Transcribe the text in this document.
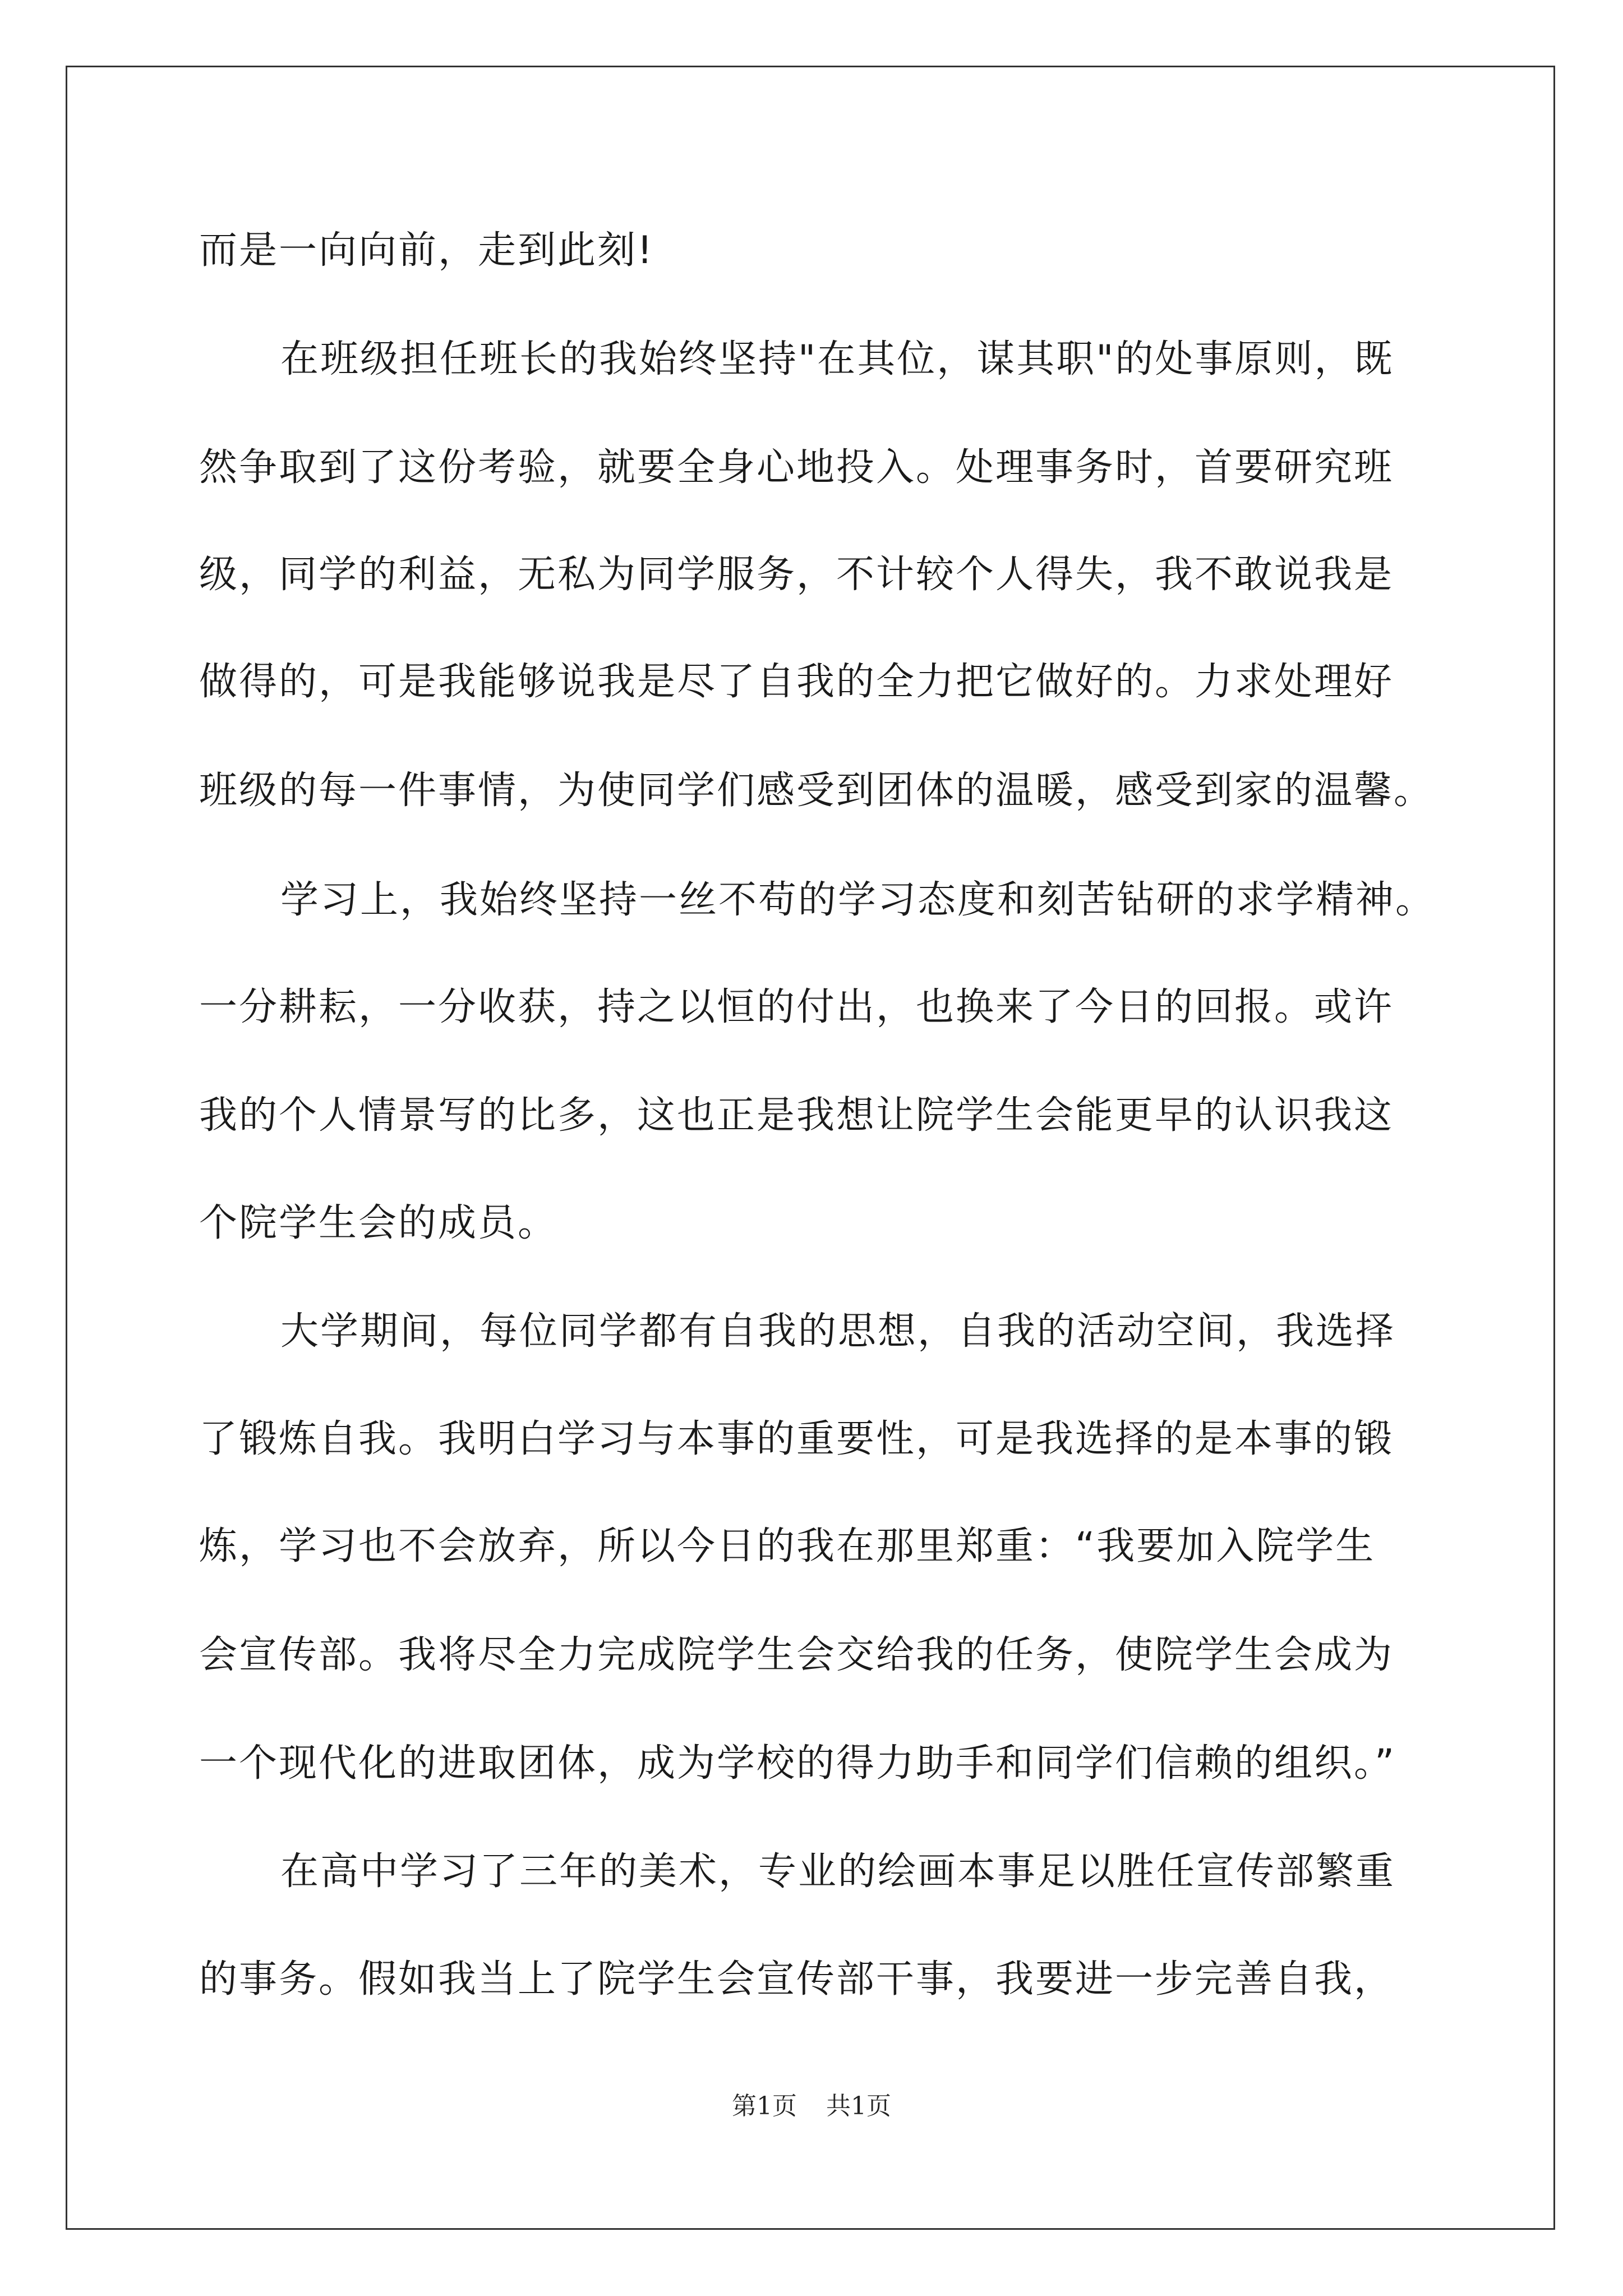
而是一向向前，走到此刻!
在班级担任班长的我始终坚持"在其位，谋其职"的处事原则，既
然争取到了这份考验，就要全身心地投入。处理事务时，首要研究班
级，同学的利益，无私为同学服务，不计较个人得失，我不敢说我是
做得的，可是我能够说我是尽了自我的全力把它做好的。力求处理好
班级的每一件事情，为使同学们感受到团体的温暖，感受到家的温馨。
学习上，我始终坚持一丝不苟的学习态度和刻苦钻研的求学精神。
一分耕耘，一分收获，持之以恒的付出，也换来了今日的回报。或许
我的个人情景写的比多，这也正是我想让院学生会能更早的认识我这
个院学生会的成员。
大学期间，每位同学都有自我的思想，自我的活动空间，我选择
了锻炼自我。我明白学习与本事的重要性，可是我选择的是本事的锻
炼，学习也不会放弃，所以今日的我在那里郑重：“我要加入院学生
会宣传部。我将尽全力完成院学生会交给我的任务，使院学生会成为
一个现代化的进取团体，成为学校的得力助手和同学们信赖的组织。”
在高中学习了三年的美术，专业的绘画本事足以胜任宣传部繁重
的事务。假如我当上了院学生会宣传部干事，我要进一步完善自我，
第1页 共1页
